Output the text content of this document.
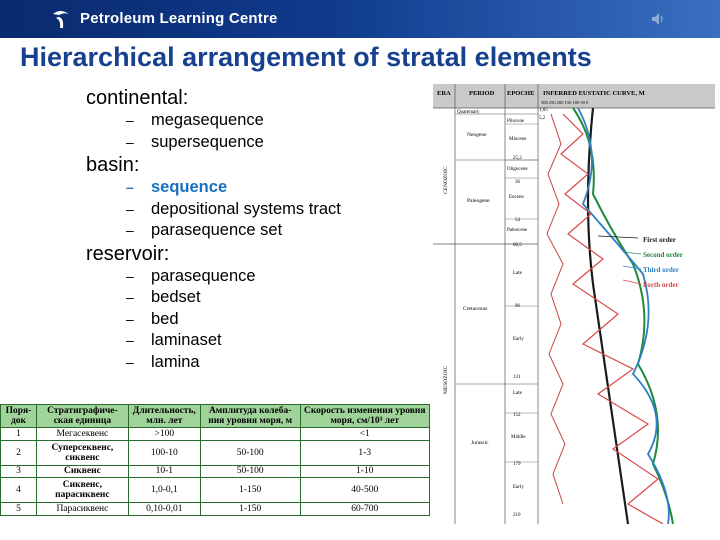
Petroleum Learning Centre
Hierarchical arrangement of stratal elements
continental:
– megasequence
– supersequence
basin:
– sequence
– depositional systems tract
– parasequence set
reservoir:
– parasequence
– bedset
– bed
– laminaset
– lamina
ERA	PERIOD EPOCHE INFERRED EUSTATIC CURVE, M
300 250 200 150 100 50 0
CENOZOIC
MESOZOIC
Quaternary
Neogene
Paleogene
Cretaceous
Jurassic
Pliocene
Miocene
Oligocene
Eocene
Paleocene
Late
Early
Late
Middle
Early
1,65
5,2
25,2
36
54
66,5
96
131
152
179
210
First order
Second order
Third order
Forth order
Поря-док	Стратиграфиче-ская единица	Длительность, млн. лет	Амплитуда колеба-ния уровня моря, м	Скорость изменения уровня моря, см/10³ лет
1	Мегасеквенс	>100		<1
2	Суперсеквенс, сиквенс	100-10	50-100	1-3
3	Сиквенс	10-1	50-100	1-10
4	Сиквенс, парасиквенс	1,0-0,1	1-150	40-500
5	Парасиквенс	0,10-0,01	1-150	60-700
